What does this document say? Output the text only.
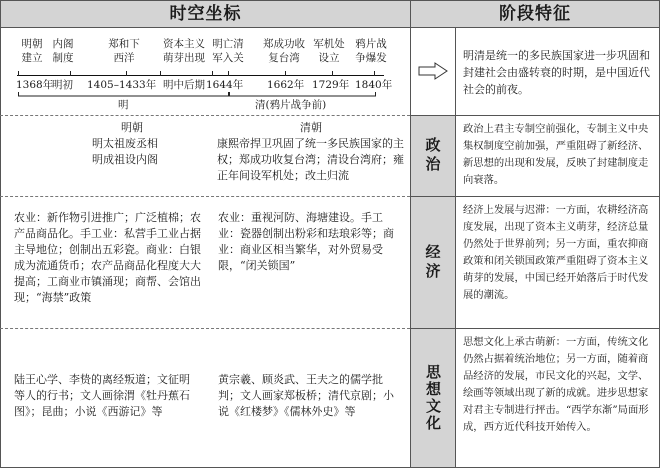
时空坐标	阶段特征
政治
经济
思想文化
明朝建立
内阁制度
郑和下西洋
资本主义萌芽出现
明亡清军入关
郑成功收复台湾
军机处设立
鸦片战争爆发
1368年
明初 1405–1433年 明中后期 1644年 1662年 1729年 1840年
明	清(鸦片战争前)

明朝

明太祖废丞相

明成祖设内阁

清朝

康熙帝捍卫巩固了统一多民族国家的主权；郑成功收复台湾；清设台湾府；雍正年间设军机处；改土归流

农业：新作物引进推广；广泛植棉；农产品商品化。手工业：私营手工业占据主导地位；创制出五彩瓷。商业：白银成为流通货币；农产品商品化程度大大提高；工商业市镇涌现；商帮、会馆出现；“海禁”政策
农业：重视河防、海塘建设。手工业：瓷器创制出粉彩和珐琅彩等；商业：商业区相当繁华，对外贸易受限，“闭关锁国”
陆王心学、李贽的离经叛道；文征明等人的行书；文人画徐渭《牡丹蕉石图》；昆曲；小说《西游记》等
黄宗羲、顾炎武、王夫之的儒学批判；文人画家郑板桥；清代京剧；小说《红楼梦》《儒林外史》等
明清是统一的多民族国家进一步巩固和封建社会由盛转衰的时期，是中国近代社会的前夜。
政治上君主专制空前强化，专制主义中央集权制度空前加强，严重阻碍了新经济、新思想的出现和发展，反映了封建制度走向衰落。
经济上发展与迟滞：一方面，农耕经济高度发展，出现了资本主义萌芽，经济总量仍然处于世界前列；另一方面，重农抑商政策和闭关锁国政策严重阻碍了资本主义萌芽的发展，中国已经开始落后于时代发展的潮流。
思想文化上承古萌新：一方面，传统文化仍然占据着统治地位；另一方面，随着商品经济的发展，市民文化的兴起，文学、绘画等领域出现了新的成就。进步思想家对君主专制进行抨击。“西学东渐”局面形成，西方近代科技开始传入。
